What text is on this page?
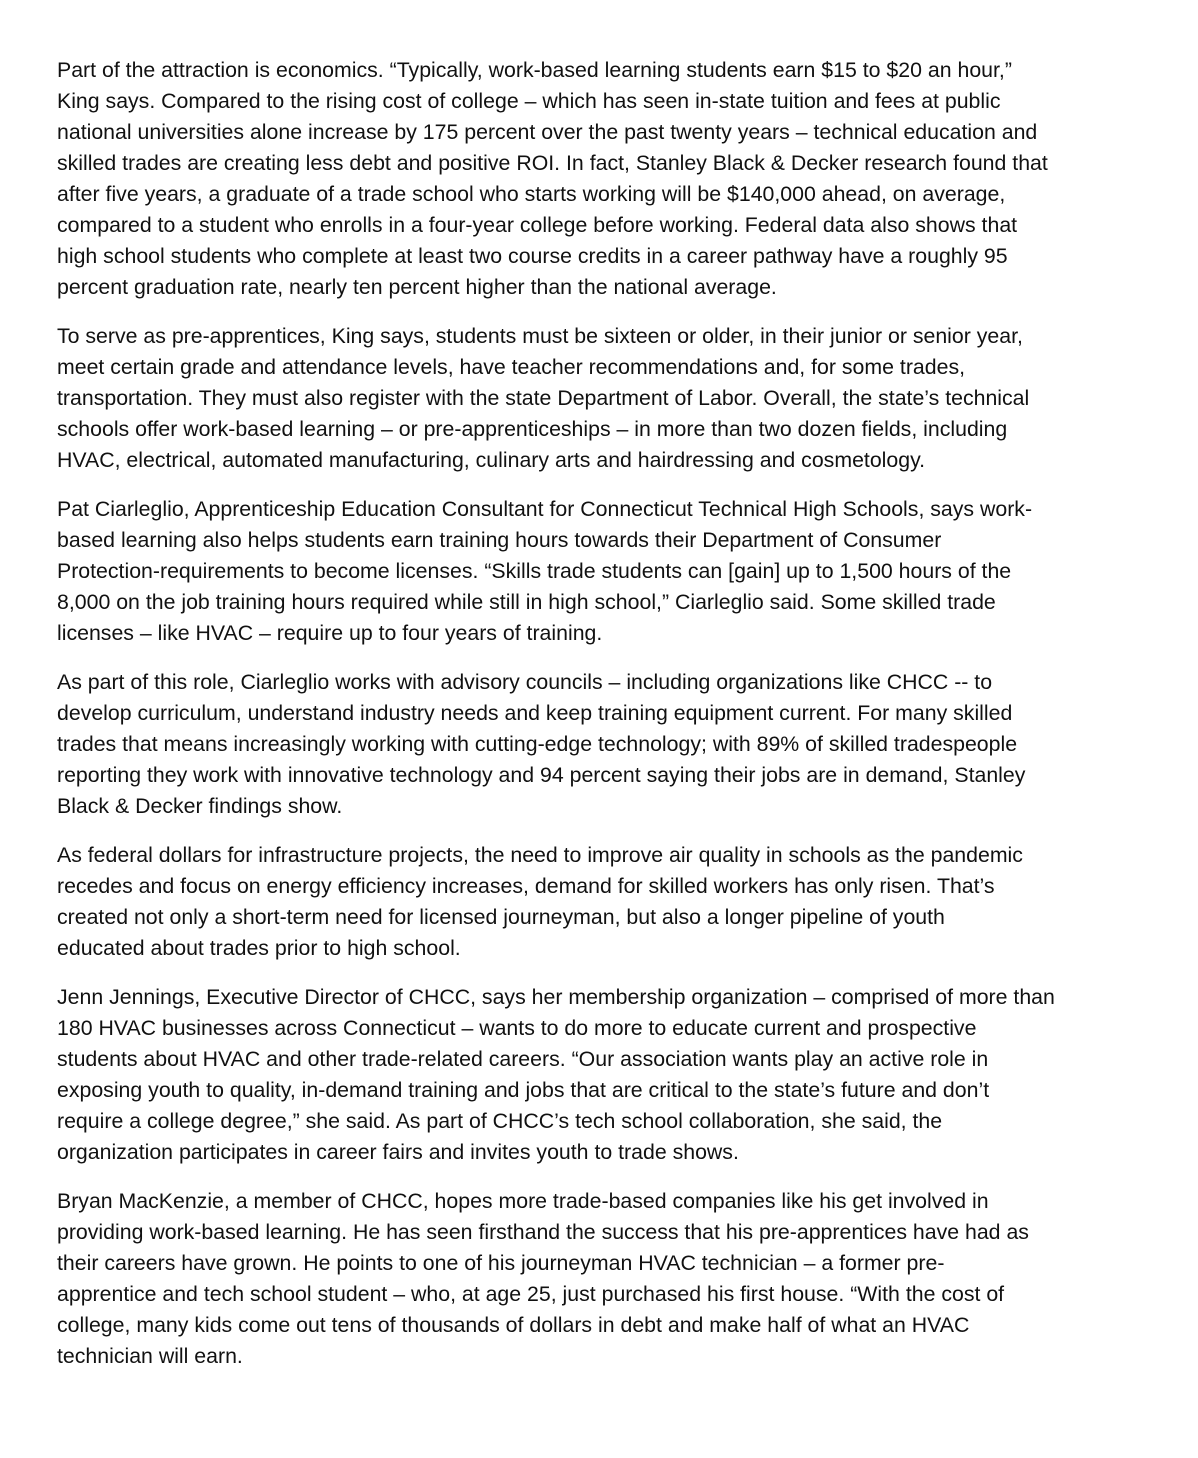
Part of the attraction is economics. “Typically, work-based learning students earn $15 to $20 an hour,”
King says. Compared to the rising cost of college – which has seen in-state tuition and fees at public
national universities alone increase by 175 percent over the past twenty years – technical education and
skilled trades are creating less debt and positive ROI. In fact, Stanley Black & Decker research found that
after five years, a graduate of a trade school who starts working will be $140,000 ahead, on average,
compared to a student who enrolls in a four-year college before working. Federal data also shows that
high school students who complete at least two course credits in a career pathway have a roughly 95
percent graduation rate, nearly ten percent higher than the national average.

To serve as pre-apprentices, King says, students must be sixteen or older, in their junior or senior year,
meet certain grade and attendance levels, have teacher recommendations and, for some trades,
transportation. They must also register with the state Department of Labor. Overall, the state’s technical
schools offer work-based learning – or pre-apprenticeships – in more than two dozen fields, including
HVAC, electrical, automated manufacturing, culinary arts and hairdressing and cosmetology.

Pat Ciarleglio, Apprenticeship Education Consultant for Connecticut Technical High Schools, says work-
based learning also helps students earn training hours towards their Department of Consumer
Protection-requirements to become licenses. “Skills trade students can [gain] up to 1,500 hours of the
8,000 on the job training hours required while still in high school,” Ciarleglio said. Some skilled trade
licenses – like HVAC – require up to four years of training.

As part of this role, Ciarleglio works with advisory councils – including organizations like CHCC -- to
develop curriculum, understand industry needs and keep training equipment current. For many skilled
trades that means increasingly working with cutting-edge technology; with 89% of skilled tradespeople
reporting they work with innovative technology and 94 percent saying their jobs are in demand, Stanley
Black & Decker findings show.

As federal dollars for infrastructure projects, the need to improve air quality in schools as the pandemic
recedes and focus on energy efficiency increases, demand for skilled workers has only risen. That’s
created not only a short-term need for licensed journeyman, but also a longer pipeline of youth
educated about trades prior to high school.

Jenn Jennings, Executive Director of CHCC, says her membership organization – comprised of more than
180 HVAC businesses across Connecticut – wants to do more to educate current and prospective
students about HVAC and other trade-related careers. “Our association wants play an active role in
exposing youth to quality, in-demand training and jobs that are critical to the state’s future and don’t
require a college degree,” she said. As part of CHCC’s tech school collaboration, she said, the
organization participates in career fairs and invites youth to trade shows.

Bryan MacKenzie, a member of CHCC, hopes more trade-based companies like his get involved in
providing work-based learning. He has seen firsthand the success that his pre-apprentices have had as
their careers have grown. He points to one of his journeyman HVAC technician – a former pre-
apprentice and tech school student – who, at age 25, just purchased his first house. “With the cost of
college, many kids come out tens of thousands of dollars in debt and make half of what an HVAC
technician will earn.
